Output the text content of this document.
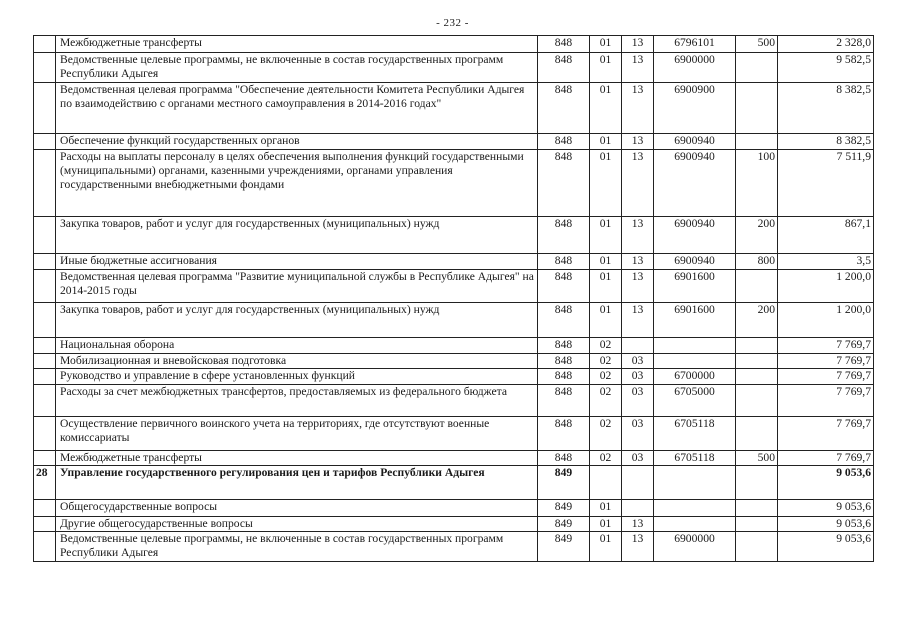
- 232 -
	Межбюджетные трансферты	848	01	13	6796101	500	2 328,0
	Ведомственные целевые программы, не включенные в состав государственных программ Республики Адыгея	848	01	13	6900000		9 582,5
	Ведомственная целевая программа "Обеспечение деятельности Комитета Республики Адыгея по взаимодействию с органами местного самоуправления в 2014-2016 годах"	848	01	13	6900900		8 382,5
	Обеспечение функций государственных органов	848	01	13	6900940		8 382,5
	Расходы на выплаты персоналу в целях обеспечения выполнения функций государственными (муниципальными) органами, казенными учреждениями, органами управления государственными внебюджетными фондами	848	01	13	6900940	100	7 511,9
	Закупка товаров, работ и услуг для государственных (муниципальных) нужд	848	01	13	6900940	200	867,1
	Иные бюджетные ассигнования	848	01	13	6900940	800	3,5
	Ведомственная целевая программа "Развитие муниципальной службы в Республике Адыгея" на 2014-2015 годы	848	01	13	6901600		1 200,0
	Закупка товаров, работ и услуг для государственных (муниципальных) нужд	848	01	13	6901600	200	1 200,0
	Национальная оборона	848	02				7 769,7
	Мобилизационная и вневойсковая подготовка	848	02	03			7 769,7
	Руководство и управление в сфере установленных функций	848	02	03	6700000		7 769,7
	Расходы за счет межбюджетных трансфертов, предоставляемых из федерального бюджета	848	02	03	6705000		7 769,7
	Осуществление первичного воинского учета на территориях, где отсутствуют военные комиссариаты	848	02	03	6705118		7 769,7
	Межбюджетные трансферты	848	02	03	6705118	500	7 769,7
28	Управление государственного регулирования цен и тарифов Республики Адыгея	849					9 053,6
	Общегосударственные вопросы	849	01				9 053,6
	Другие общегосударственные вопросы	849	01	13			9 053,6
	Ведомственные целевые программы, не включенные в состав государственных программ Республики Адыгея	849	01	13	6900000		9 053,6
